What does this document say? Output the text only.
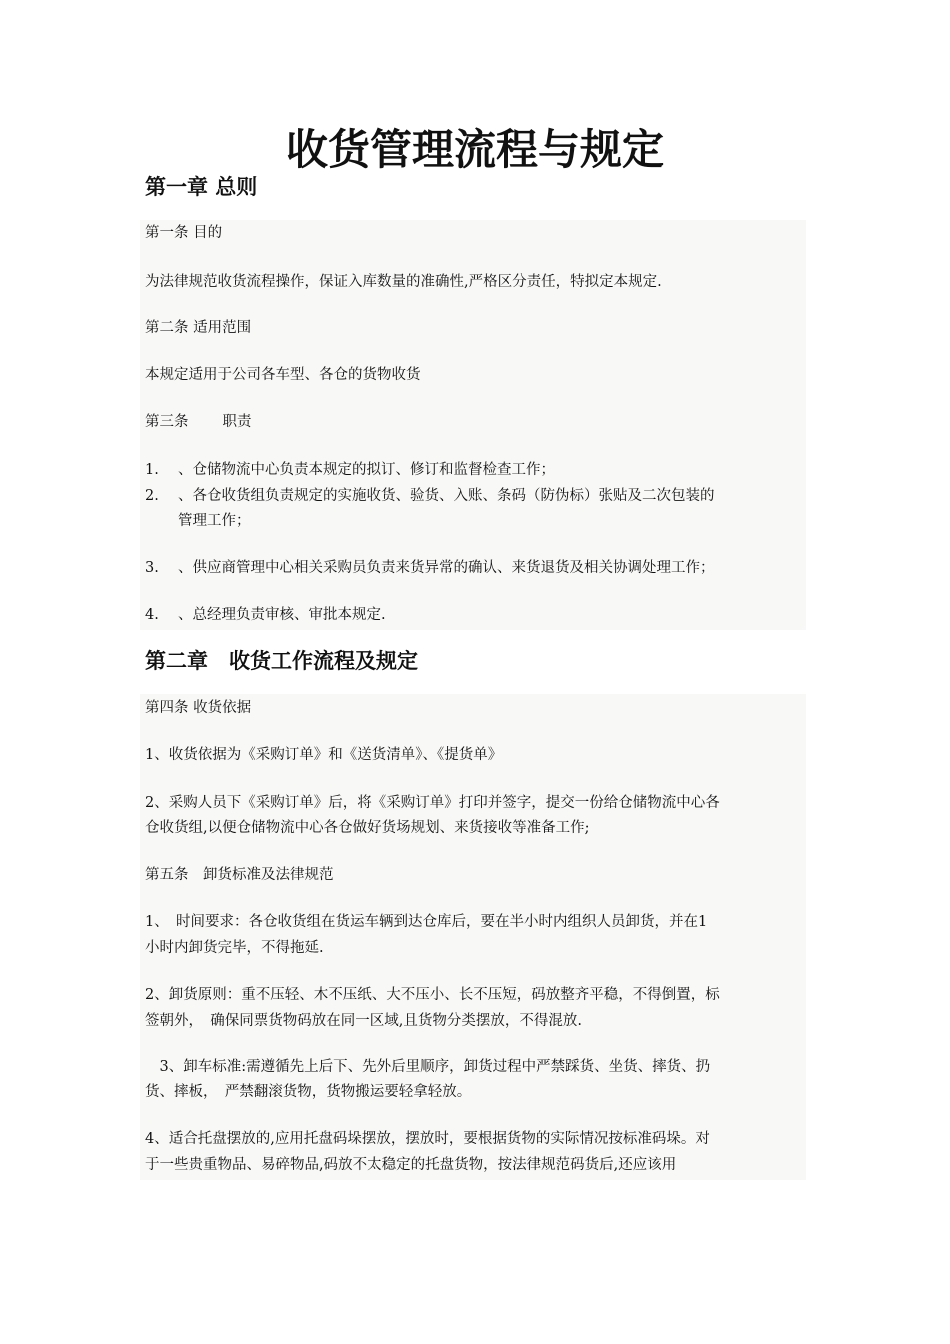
收货管理流程与规定
第一章 总则

第一条 目的

为法律规范收货流程操作，保证入库数量的准确性,严格区分责任，特拟定本规定.

第二条 适用范围

本规定适用于公司各车型、各仓的货物收货

第三条 职责

1. 、仓储物流中心负责本规定的拟订、修订和监督检查工作；
2. 、各仓收货组负责规定的实施收货、验货、入账、条码（防伪标）张贴及二次包装的
管理工作；
3. 、供应商管理中心相关采购员负责来货异常的确认、来货退货及相关协调处理工作；
4. 、总经理负责审核、审批本规定.
第二章　收货工作流程及规定

第四条 收货依据

1、收货依据为《采购订单》和《送货清单》、《提货单》

2、采购人员下《采购订单》后，将《采购订单》打印并签字，提交一份给仓储物流中心各

仓收货组,以便仓储物流中心各仓做好货场规划、来货接收等准备工作;

第五条　卸货标准及法律规范

1、　时间要求：各仓收货组在货运车辆到达仓库后，要在半小时内组织人员卸货，并在1

小时内卸货完毕，不得拖延.

2、卸货原则：重不压轻、木不压纸、大不压小、长不压短，码放整齐平稳，不得倒置，标

签朝外，　确保同票货物码放在同一区域,且货物分类摆放，不得混放.

　3、卸车标准:需遵循先上后下、先外后里顺序，卸货过程中严禁踩货、坐货、摔货、扔

货、摔板，　严禁翻滚货物，货物搬运要轻拿轻放。

4、适合托盘摆放的,应用托盘码垛摆放，摆放时，要根据货物的实际情况按标准码垛。对

于一些贵重物品、易碎物品,码放不太稳定的托盘货物，按法律规范码货后,还应该用
